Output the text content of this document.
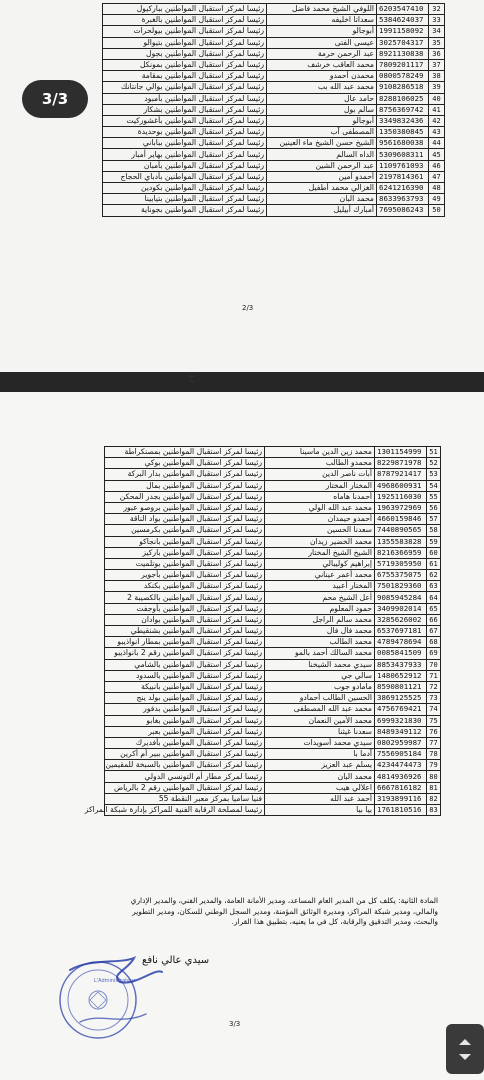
رئيسا لمركز استقبال المواطنين بباركيول	اللوفي الشيخ محمد فاضل	6203547410	32
رئيسا لمركز استقبال المواطنين بالغبرة	سعداتا اخليفه	5384624037	33
رئيسا لمركز استقبال المواطنين بيولحرات	أبوجالو	1991158092	34
رئيسا لمركز استقبال المواطنين بتيوالو	عيسى الفتى	3025704317	35
رئيسا لمركز استقبال المواطنين بجول	عبد الرحمن حرمة	8921130838	36
رئيسا لمركز استقبال المواطنين بمونكل	محمد العاقب خرشف	7809201117	37
رئيسا لمركز استقبال المواطنين بمقامة	محمدن أحمدو	0800578249	38
رئيسا لمركز استقبال المواطنين بوالي جانتانك	محمد عبد الله بب	9108286518	39
رئيسا لمركز استقبال المواطنين بأمبود	حامد عال	8288106025	40
رئيسا لمركز استقبال المواطنين بشكار	سالم بول	8756369742	41
رئيسا لمركز استقبال المواطنين بأغشوركيت	أبوجالو	3349832436	42
رئيسا لمركز استقبال المواطنين بوحديدة	المصطفى آب	1350380845	43
رئيسا لمركز استقبال المواطنين بباباني	الشيخ حسن الشيخ ماء العينين	9561680038	44
رئيسا لمركز استقبال المواطنين بهاير أمبار	الداه السالم	5309608311	45
رئيسا لمركز استقبال المواطنين بأمبان	عبد الرحمن الشين	1109761093	46
رئيسا لمركز استقبال المواطنين بأدباي الحجاج	أحمدو أمين	2197814361	47
رئيسا لمركز استقبال المواطنين بكودين	الغزالي محمد أطفيل	6241216390	48
رئيسا لمركز استقبال المواطنين بتيابينا	محمد البان	8633963793	49
رئيسا لمركز استقبال المواطنين بجوناية	أمبارك أبيليل	7695086243	50
2/3
ح
3/3
رئيسا لمركز استقبال المواطنين بمصنكراطة	محمد زين الدين ماسينا	1301154999	51
رئيسا لمركز استقبال المواطنين بوكي	محمدو الطالب	8229871978	52
رئيسا لمركز استقبال المواطنين بدار البركة	أبات ناصر الدين	8787921417	53
رئيسا لمركز استقبال المواطنين بمال	المختار المختار	4968600931	54
رئيسا لمركز استقبال المواطنين بجدر المحكن	أحمدنا هاماه	1925116030	55
رئيسا لمركز استقبال المواطنين بروصو عبور	محمد عبد الله الولي	1963972969	56
رئيسا لمركز استقبال المواطنين بواد الناقة	أحمدو حيمدان	4660159846	57
رئيسا لمركز استقبال المواطنين بكرمسين	سعدنا الحسين	7440890565	58
رئيسا لمركز استقبال المواطنين بانجاكو	محمد الخضير زيدان	1355583828	59
رئيسا لمركز استقبال المواطنين باركيز	الشيخ الشيخ المختار	8216366959	60
رئيسا لمركز استقبال المواطنين بوتلميت	إبراهيم كوليبالي	5719305950	61
رئيسا لمركز استقبال المواطنين بأجوير	محمد أعمر عيناني	6755375075	62
رئيسا لمركز استقبال المواطنين بكنكد	المختار أعبيد	7501829360	63
رئيسا لمركز استقبال المواطنين بالكصيبة 2	أعل الشيخ محم	9085945284	64
رئيسا لمركز استقبال المواطنين بأوجفت	حمود المعلوم	3409902014	65
رئيسا لمركز استقبال المواطنين بوادان	محمد سالم الراجل	3285626002	66
رئيسا لمركز استقبال المواطنين بشنقيطي	محمد فال فال	6537697181	67
رئيسا لمركز استقبال المواطنين بمطار انواذيبو	محمد الطالب	4789478694	68
رئيسا لمركز استقبال المواطنين رقم 2 بانواذيبو	محمد السالك أحمد بالمو	0085841509	69
رئيسا لمركز استقبال المواطنين بالشامي	سيدي محمد الشيخنا	8853437933	70
رئيسا لمركز استقبال المواطنين بالسدود	سالي جي	1480652912	71
رئيسا لمركز استقبال المواطنين بانبيكة	مامادو جوب	8590801121	72
رئيسا لمركز استقبال المواطنين بولد ينج	الحسين الطالب أحمادو	3869125525	73
رئيسا لمركز استقبال المواطنين بدفور	محمد عبد الله المصطفى	4756769421	74
رئيسا لمركز استقبال المواطنين بغابو	محمد الأمين النعمان	6999321830	75
رئيسا لمركز استقبال المواطنين بعبر	سعدنا غيثنا	8489349112	76
رئيسا لمركز استقبال المواطنين بأفديرك	سيدي محمد أسويدات	0802959987	77
رئيسا لمركز استقبال المواطنين ببير أم أكرين	آدما با	7556905184	78
رئيسا لمركز استقبال المواطنين بالسبخة للمقيمين	يسلم عبد العزيز	4234474473	79
رئيسا لمركز مطار أم التونسي الدولي	محمد البان	4814936926	80
رئيسا لمركز استقبال المواطنين رقم 2 بالرياض	اعلالي هيب	6667816182	81
فنيا ساميا بمركز معبر النقطة 55	أحمد عبد الله	3193899116	82
رئيسا لمصلحة الرقابة الفنية للمراكز بإدارة شبكة المراكز	بيا بيا	1761810516	83
المادة الثانية: يكلف كل من المدير العام المساعد، ومدير الأمانة العامة، والمدير الفني، والمدير الإداري والمالي، ومدير شبكة المراكز، ومديرة الوثائق المؤمنة، ومدير السجل الوطني للسكان، ومدير التطوير والبحث، ومدير التدقيق والرقابة، كل في ما يعنيه، بتطبيق هذا القرار.
سيدي عالي نافع
L'Administrateur
3/3
